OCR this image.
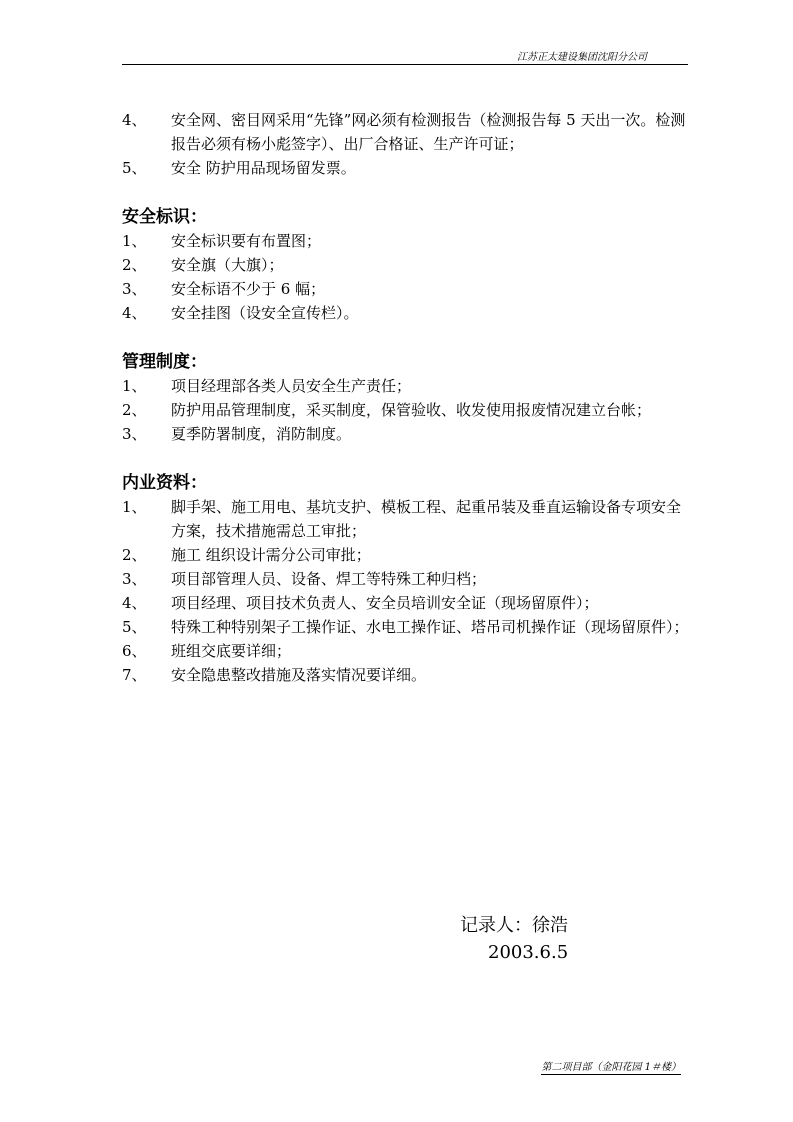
江苏正太建设集团沈阳分公司
4、	安全网、密目网采用“先锋”网必须有检测报告（检测报告每 5 天出一次。检测报告必须有杨小彪签字）、出厂合格证、生产许可证；
5、	安全 防护用品现场留发票。
安全标识：
1、	安全标识要有布置图；
2、	安全旗（大旗）；
3、	安全标语不少于 6 幅；
4、	安全挂图（设安全宣传栏）。
管理制度：
1、	项目经理部各类人员安全生产责任；
2、	防护用品管理制度，采买制度，保管验收、收发使用报废情况建立台帐；
3、	夏季防署制度，消防制度。
内业资料：
1、	脚手架、施工用电、基坑支护、模板工程、起重吊装及垂直运输设备专项安全方案，技术措施需总工审批；
2、	施工 组织设计需分公司审批；
3、	项目部管理人员、设备、焊工等特殊工种归档；
4、	项目经理、项目技术负责人、安全员培训安全证（现场留原件）；
5、	特殊工种特别架子工操作证、水电工操作证、塔吊司机操作证（现场留原件）；
6、	班组交底要详细；
7、	安全隐患整改措施及落实情况要详细。
记录人：徐浩
2003.6.5
第二项目部（金阳花园 1＃楼）
